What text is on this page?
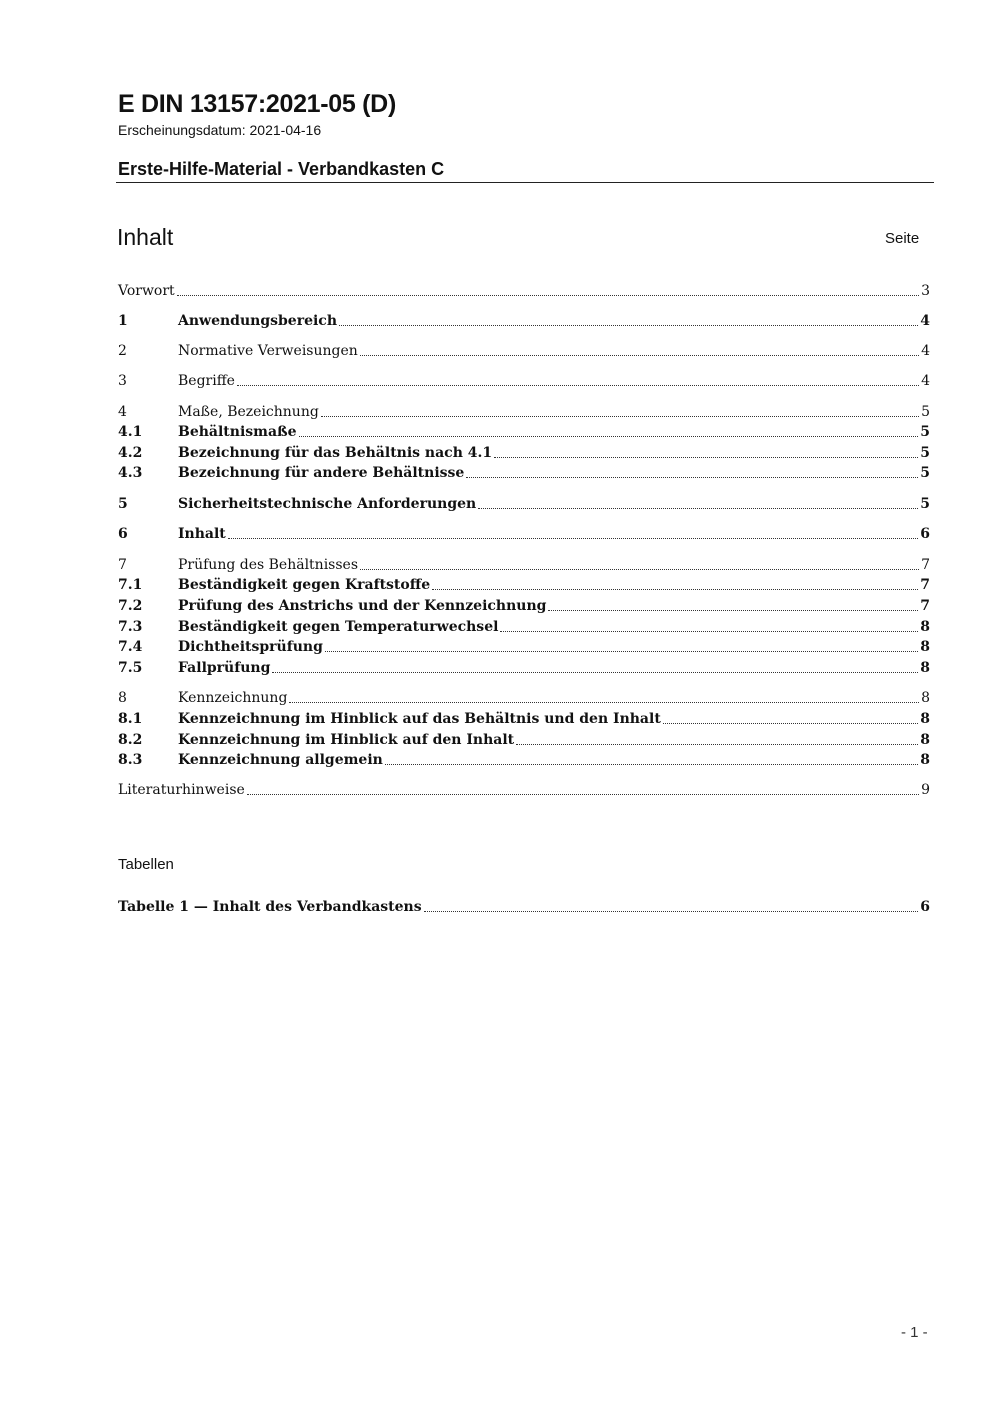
E DIN 13157:2021-05 (D)
Erscheinungsdatum: 2021-04-16
Erste-Hilfe-Material - Verbandkasten C
Inhalt	Seite
Vorwort	3
1	Anwendungsbereich	4
2	Normative Verweisungen	4
3	Begriffe	4
4	Maße, Bezeichnung	5
4.1	Behältnismaße	5
4.2	Bezeichnung für das Behältnis nach 4.1	5
4.3	Bezeichnung für andere Behältnisse	5
5	Sicherheitstechnische Anforderungen	5
6	Inhalt	6
7	Prüfung des Behältnisses	7
7.1	Beständigkeit gegen Kraftstoffe	7
7.2	Prüfung des Anstrichs und der Kennzeichnung	7
7.3	Beständigkeit gegen Temperaturwechsel	8
7.4	Dichtheitsprüfung	8
7.5	Fallprüfung	8
8	Kennzeichnung	8
8.1	Kennzeichnung im Hinblick auf das Behältnis und den Inhalt	8
8.2	Kennzeichnung im Hinblick auf den Inhalt	8
8.3	Kennzeichnung allgemein	8
Literaturhinweise	9
Tabellen
Tabelle 1 — Inhalt des Verbandkastens	6
- 1 -
